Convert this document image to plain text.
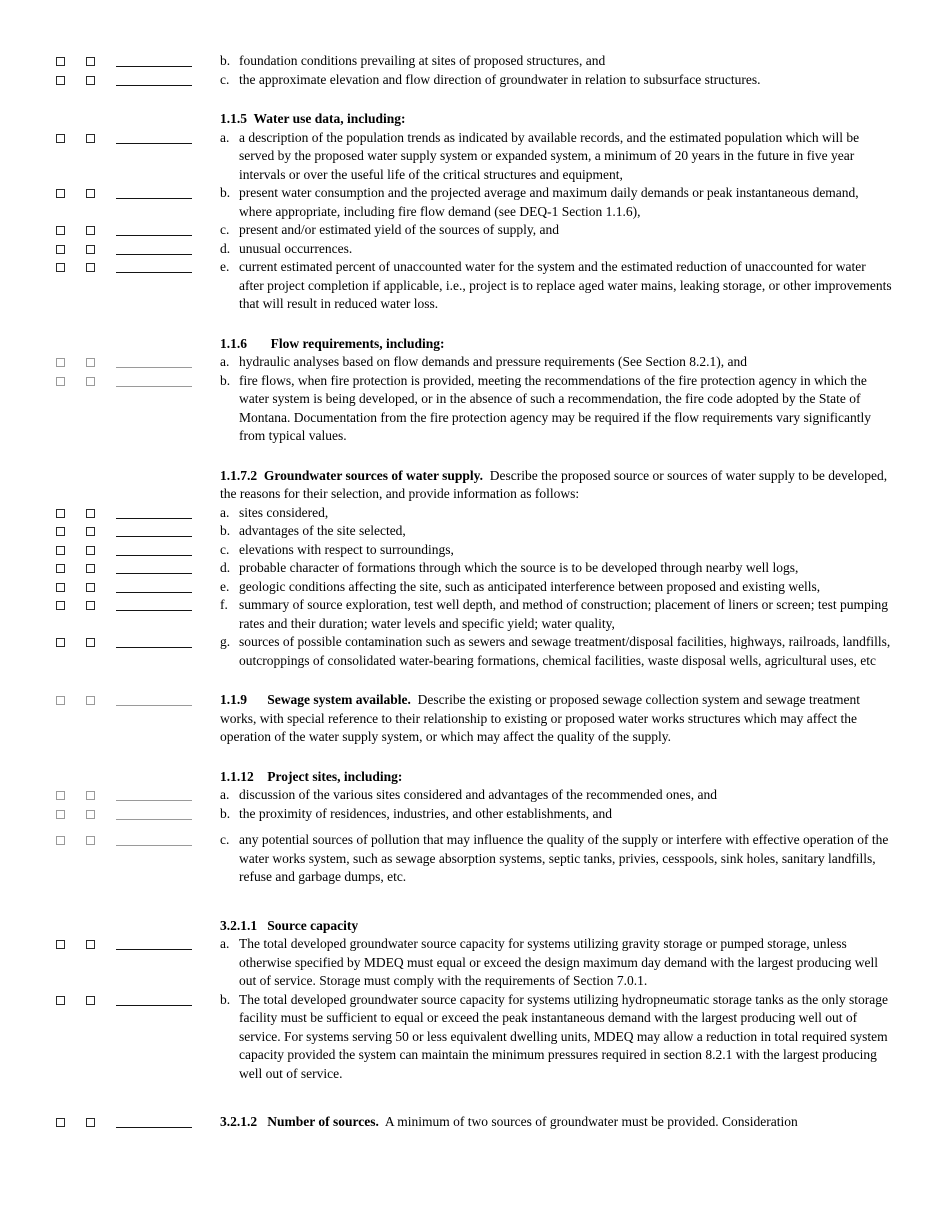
b. foundation conditions prevailing at sites of proposed structures, and
c. the approximate elevation and flow direction of groundwater in relation to subsurface structures.
1.1.5  Water use data, including:
a. a description of the population trends as indicated by available records, and the estimated population which will be served by the proposed water supply system or expanded system, a minimum of 20 years in the future in five year intervals or over the useful life of the critical structures and equipment,
b. present water consumption and the projected average and maximum daily demands or peak instantaneous demand, where appropriate, including fire flow demand (see DEQ-1 Section 1.1.6),
c. present and/or estimated yield of the sources of supply, and
d. unusual occurrences.
e. current estimated percent of unaccounted water for the system and the estimated reduction of unaccounted for water after project completion if applicable, i.e., project is to replace aged water mains, leaking storage, or other improvements that will result in reduced water loss.
1.1.6       Flow requirements, including:
a. hydraulic analyses based on flow demands and pressure requirements (See Section 8.2.1), and
b. fire flows, when fire protection is provided, meeting the recommendations of the fire protection agency in which the water system is being developed, or in the absence of such a recommendation, the fire code adopted by the State of Montana. Documentation from the fire protection agency may be required if the flow requirements vary significantly from typical values.
1.1.7.2  Groundwater sources of water supply.  Describe the proposed source or sources of water supply to be developed, the reasons for their selection, and provide information as follows:
a. sites considered,
b. advantages of the site selected,
c. elevations with respect to surroundings,
d. probable character of formations through which the source is to be developed through nearby well logs,
e. geologic conditions affecting the site, such as anticipated interference between proposed and existing wells,
f. summary of source exploration, test well depth, and method of construction; placement of liners or screen; test pumping rates and their duration; water levels and specific yield; water quality,
g. sources of possible contamination such as sewers and sewage treatment/disposal facilities, highways, railroads, landfills, outcroppings of consolidated water-bearing formations, chemical facilities, waste disposal wells, agricultural uses, etc
1.1.9      Sewage system available.  Describe the existing or proposed sewage collection system and sewage treatment works, with special reference to their relationship to existing or proposed water works structures which may affect the operation of the water supply system, or which may affect the quality of the supply.
1.1.12    Project sites, including:
a. discussion of the various sites considered and advantages of the recommended ones, and
b. the proximity of residences, industries, and other establishments, and
c. any potential sources of pollution that may influence the quality of the supply or interfere with effective operation of the water works system, such as sewage absorption systems, septic tanks, privies, cesspools, sink holes, sanitary landfills, refuse and garbage dumps, etc.
3.2.1.1   Source capacity
a. The total developed groundwater source capacity for systems utilizing gravity storage or pumped storage, unless otherwise specified by MDEQ must equal or exceed the design maximum day demand with the largest producing well out of service. Storage must comply with the requirements of Section 7.0.1.
b. The total developed groundwater source capacity for systems utilizing hydropneumatic storage tanks as the only storage facility must be sufficient to equal or exceed the peak instantaneous demand with the largest producing well out of service. For systems serving 50 or less equivalent dwelling units, MDEQ may allow a reduction in total required system capacity provided the system can maintain the minimum pressures required in section 8.2.1 with the largest producing well out of service.
3.2.1.2   Number of sources.  A minimum of two sources of groundwater must be provided. Consideration
